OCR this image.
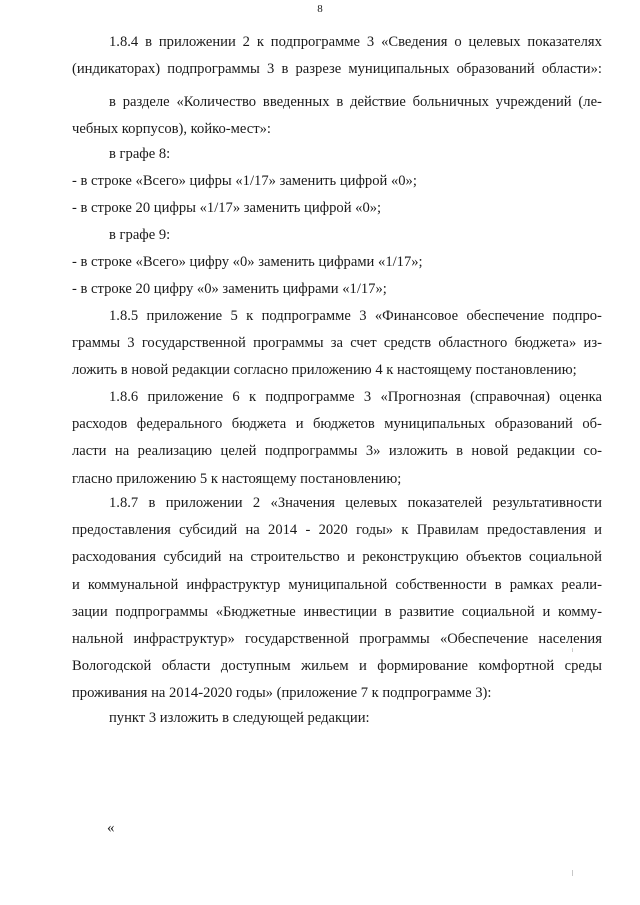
8
1.8.4 в приложении 2 к подпрограмме 3 «Сведения о целевых показателях
(индикаторах) подпрограммы 3 в разрезе муниципальных образований области»:
в разделе «Количество введенных в действие больничных учреждений (ле-
чебных корпусов), койко-мест»:
в графе 8:
- в строке «Всего» цифры «1/17» заменить цифрой «0»;
- в строке 20 цифры «1/17» заменить цифрой «0»;
в графе 9:
- в строке «Всего» цифру «0» заменить цифрами «1/17»;
- в строке 20 цифру «0» заменить цифрами «1/17»;
1.8.5 приложение 5 к подпрограмме 3 «Финансовое обеспечение подпро-
граммы 3 государственной программы за счет средств областного бюджета» из-
ложить в новой редакции согласно приложению 4 к настоящему постановлению;
1.8.6 приложение 6 к подпрограмме 3 «Прогнозная (справочная) оценка
расходов федерального бюджета и бюджетов муниципальных образований об-
ласти на реализацию целей подпрограммы 3» изложить в новой редакции со-
гласно приложению 5 к настоящему постановлению;
1.8.7 в приложении 2 «Значения целевых показателей результативности
предоставления субсидий на 2014 - 2020 годы» к Правилам предоставления и
расходования субсидий на строительство и реконструкцию объектов социальной
и коммунальной инфраструктур муниципальной собственности в рамках реали-
зации подпрограммы «Бюджетные инвестиции в развитие социальной и комму-
нальной инфраструктур» государственной программы «Обеспечение населения
Вологодской области доступным жильем и формирование комфортной среды
проживания на 2014-2020 годы» (приложение 7 к подпрограмме 3):
пункт 3 изложить в следующей редакции:
«
